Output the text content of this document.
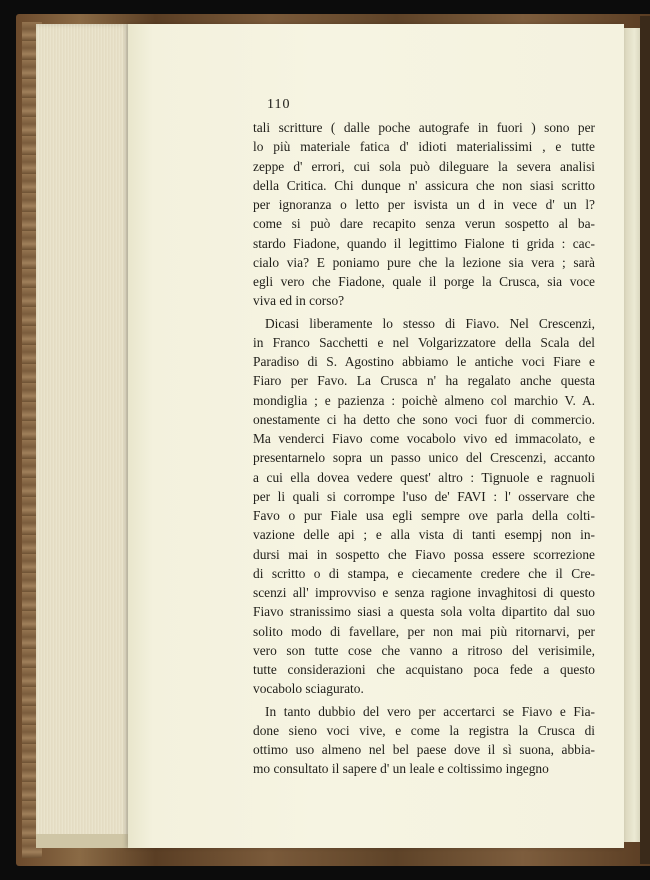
110
tali scritture ( dalle poche autografe in fuori ) sono per
lo più materiale fatica d' idioti materialissimi , e tutte
zeppe d' errori, cui sola può dileguare la severa analisi
della Critica. Chi dunque n' assicura che non siasi scritto
per ignoranza o letto per isvista un d in vece d' un l?
come si può dare recapito senza verun sospetto al ba-
stardo Fiadone, quando il legittimo Fialone ti grida : cac-
cialo via? E poniamo pure che la lezione sia vera ; sarà
egli vero che Fiadone, quale il porge la Crusca, sia voce
viva ed in corso?
Dicasi liberamente lo stesso di Fiavo. Nel Crescenzi,
in Franco Sacchetti e nel Volgarizzatore della Scala del
Paradiso di S. Agostino abbiamo le antiche voci Fiare e
Fiaro per Favo. La Crusca n' ha regalato anche questa
mondiglia ; e pazienza : poichè almeno col marchio V. A.
onestamente ci ha detto che sono voci fuor di commercio.
Ma venderci Fiavo come vocabolo vivo ed immacolato, e
presentarnelo sopra un passo unico del Crescenzi, accanto
a cui ella dovea vedere quest' altro : Tignuole e ragnuoli
per li quali si corrompe l'uso de' FAVI : l' osservare che
Favo o pur Fiale usa egli sempre ove parla della colti-
vazione delle api ; e alla vista di tanti esempj non in-
dursi mai in sospetto che Fiavo possa essere scorrezione
di scritto o di stampa, e ciecamente credere che il Cre-
scenzi all' improvviso e senza ragione invaghitosi di questo
Fiavo stranissimo siasi a questa sola volta dipartito dal suo
solito modo di favellare, per non mai più ritornarvi, per
vero son tutte cose che vanno a ritroso del verisimile,
tutte considerazioni che acquistano poca fede a questo
vocabolo sciagurato.
In tanto dubbio del vero per accertarci se Fiavo e Fia-
done sieno voci vive, e come la registra la Crusca di
ottimo uso almeno nel bel paese dove il sì suona, abbia-
mo consultato il sapere d' un leale e coltissimo ingegno
